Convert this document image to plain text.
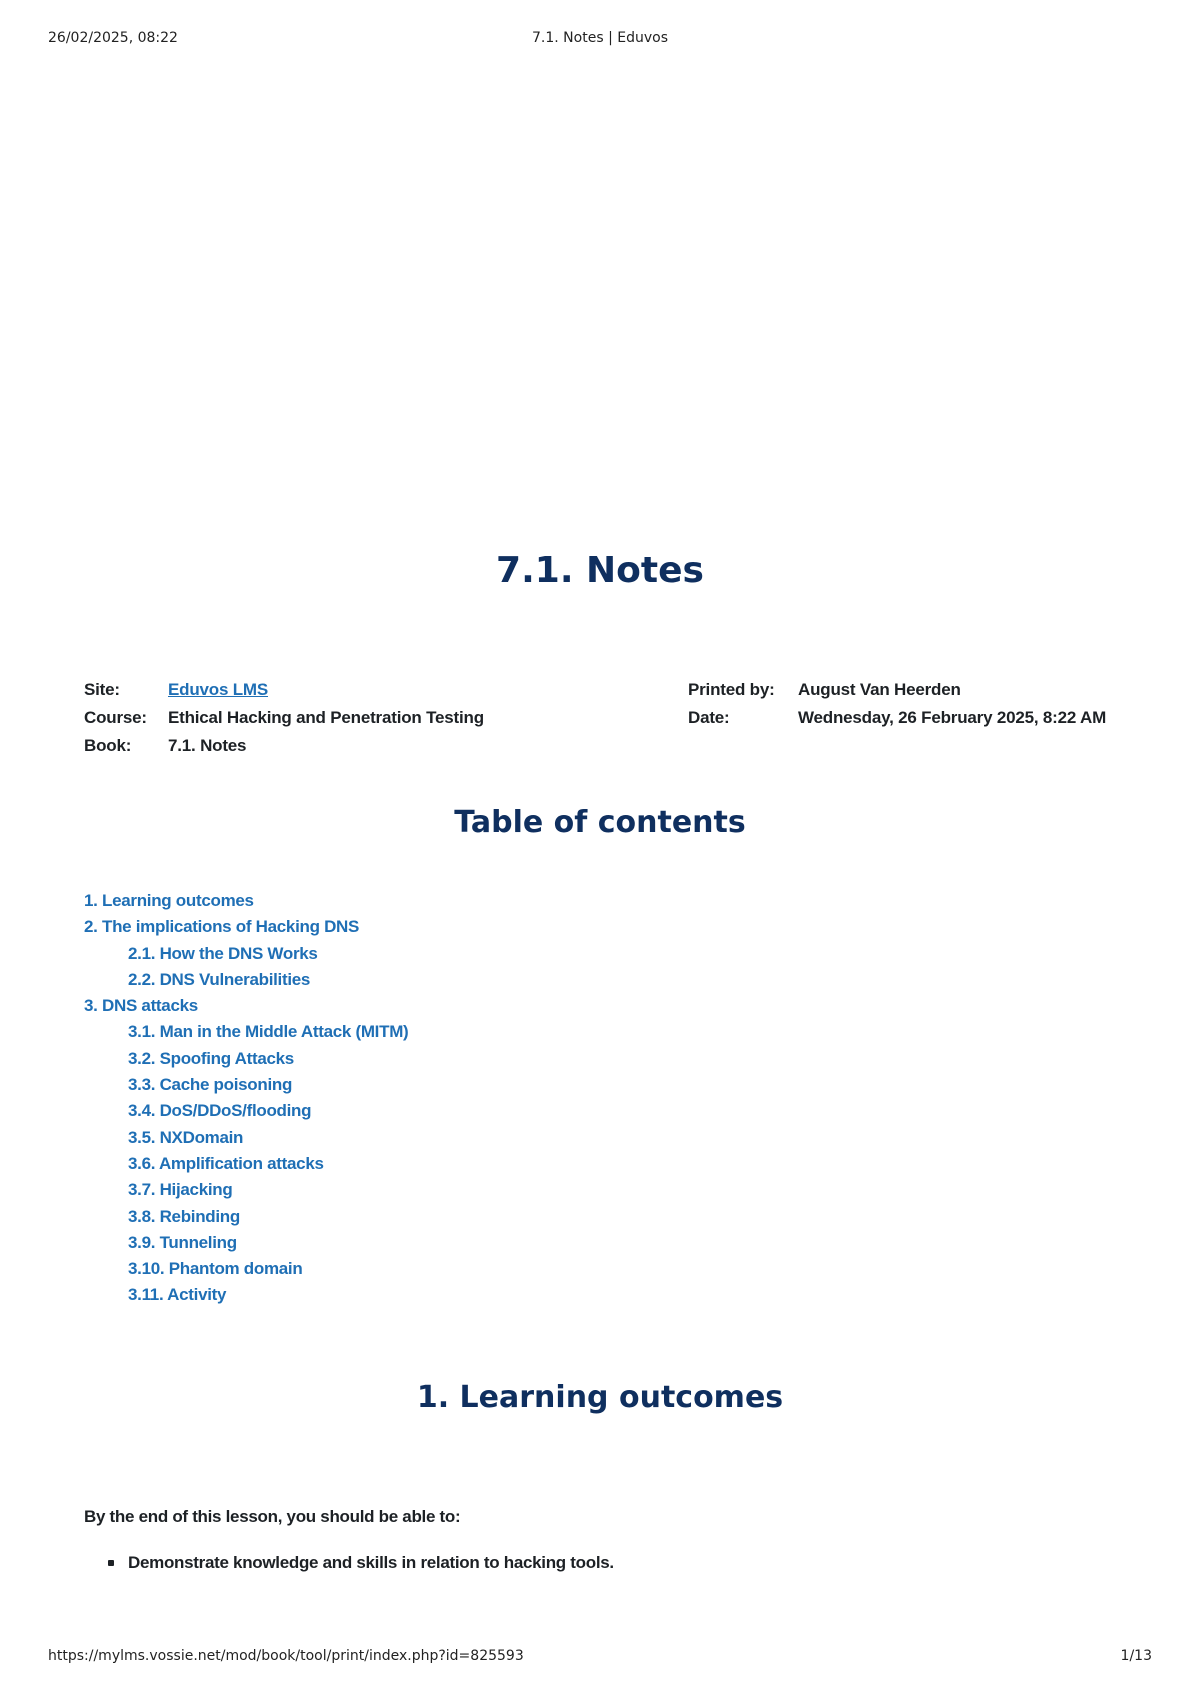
26/02/2025, 08:22	7.1. Notes | Eduvos
7.1. Notes
Site:	Eduvos LMS
Course:	Ethical Hacking and Penetration Testing
Book:	7.1. Notes
Printed by:	August Van Heerden
Date:	Wednesday, 26 February 2025, 8:22 AM
Table of contents
1. Learning outcomes
2. The implications of Hacking DNS
2.1. How the DNS Works
2.2. DNS Vulnerabilities
3. DNS attacks
3.1. Man in the Middle Attack (MITM)
3.2. Spoofing Attacks
3.3. Cache poisoning
3.4. DoS/DDoS/flooding
3.5. NXDomain
3.6. Amplification attacks
3.7. Hijacking
3.8. Rebinding
3.9. Tunneling
3.10. Phantom domain
3.11. Activity
1. Learning outcomes

By the end of this lesson, you should be able to:

Demonstrate knowledge and skills in relation to hacking tools.
https://mylms.vossie.net/mod/book/tool/print/index.php?id=825593	1/13
